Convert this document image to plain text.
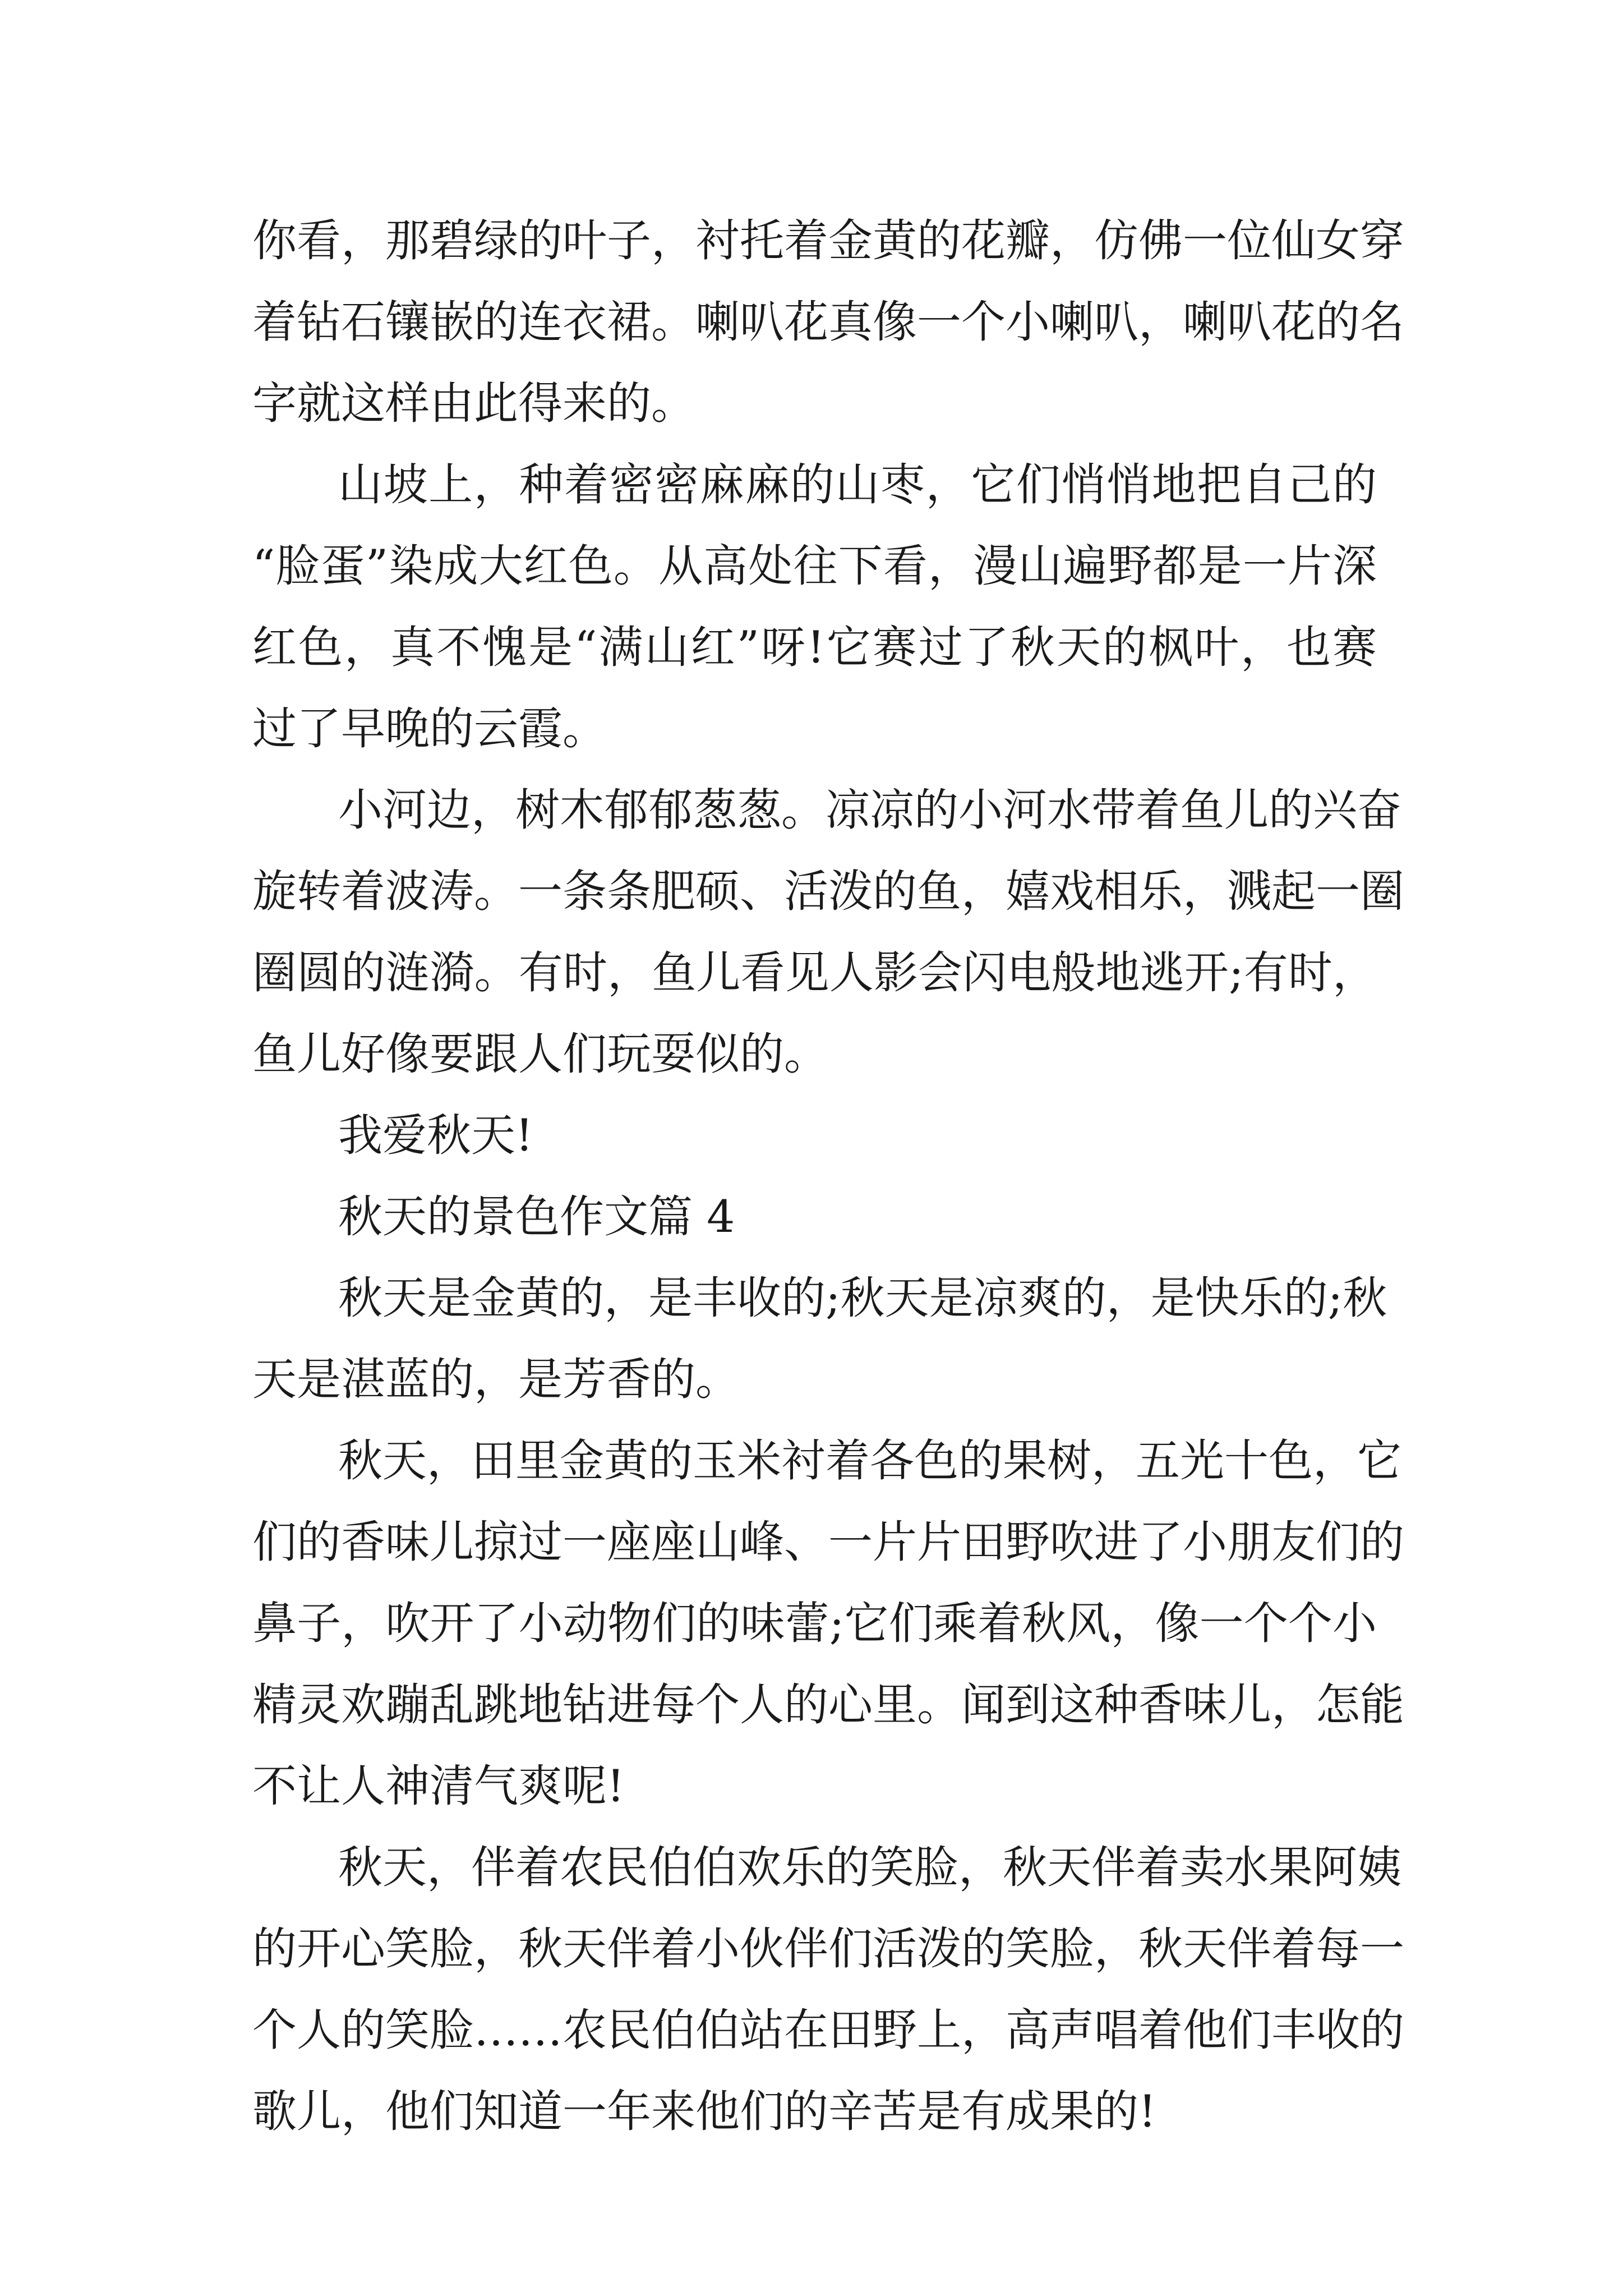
你看，那碧绿的叶子，衬托着金黄的花瓣，仿佛一位仙女穿
着钻石镶嵌的连衣裙。喇叭花真像一个小喇叭，喇叭花的名
字就这样由此得来的。
山坡上，种着密密麻麻的山枣，它们悄悄地把自己的
“脸蛋”染成大红色。从高处往下看，漫山遍野都是一片深
红色，真不愧是“满山红”呀!它赛过了秋天的枫叶，也赛
过了早晚的云霞。
小河边，树木郁郁葱葱。凉凉的小河水带着鱼儿的兴奋
旋转着波涛。一条条肥硕、活泼的鱼，嬉戏相乐，溅起一圈
圈圆的涟漪。有时，鱼儿看见人影会闪电般地逃开;有时，
鱼儿好像要跟人们玩耍似的。
我爱秋天!
秋天的景色作文篇 4
秋天是金黄的，是丰收的;秋天是凉爽的，是快乐的;秋
天是湛蓝的，是芳香的。
秋天，田里金黄的玉米衬着各色的果树，五光十色，它
们的香味儿掠过一座座山峰、一片片田野吹进了小朋友们的
鼻子，吹开了小动物们的味蕾;它们乘着秋风，像一个个小
精灵欢蹦乱跳地钻进每个人的心里。闻到这种香味儿，怎能
不让人神清气爽呢!
秋天，伴着农民伯伯欢乐的笑脸，秋天伴着卖水果阿姨
的开心笑脸，秋天伴着小伙伴们活泼的笑脸，秋天伴着每一
个人的笑脸……农民伯伯站在田野上，高声唱着他们丰收的
歌儿，他们知道一年来他们的辛苦是有成果的!
